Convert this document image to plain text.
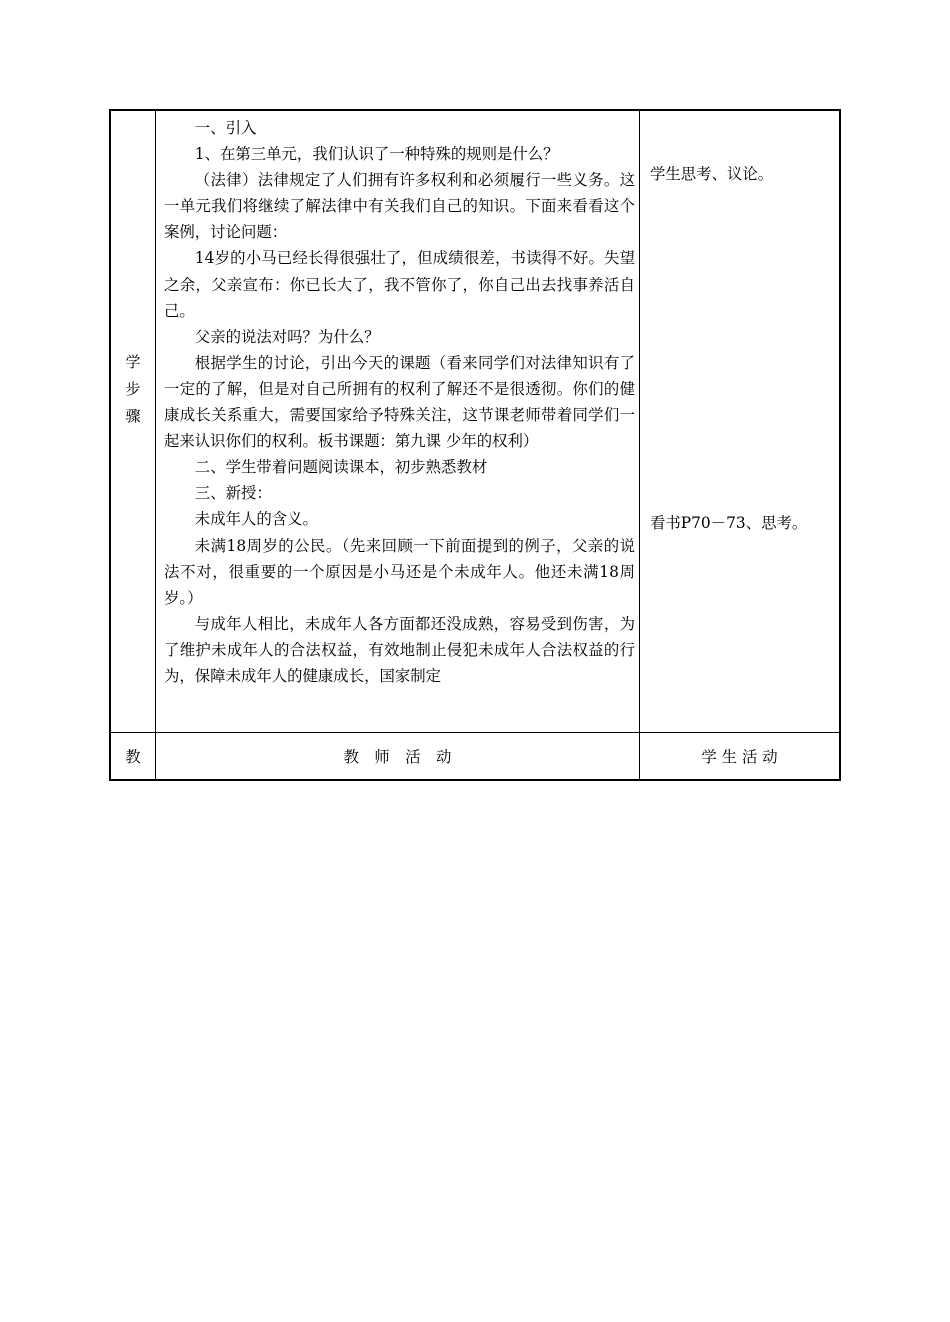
学
步
骤

一、引入

1、在第三单元，我们认识了一种特殊的规则是什么？

（法律）法律规定了人们拥有许多权利和必须履行一些义务。这一单元我们将继续了解法律中有关我们自己的知识。下面来看看这个案例，讨论问题：

14岁的小马已经长得很强壮了，但成绩很差，书读得不好。失望之余，父亲宣布：你已长大了，我不管你了，你自己出去找事养活自己。

父亲的说法对吗？为什么？

根据学生的讨论，引出今天的课题（看来同学们对法律知识有了一定的了解，但是对自己所拥有的权利了解还不是很透彻。你们的健康成长关系重大，需要国家给予特殊关注，这节课老师带着同学们一起来认识你们的权利。板书课题：第九课 少年的权利）

二、学生带着问题阅读课本，初步熟悉教材

三、新授：

未成年人的含义。

未满18周岁的公民。（先来回顾一下前面提到的例子，父亲的说法不对，很重要的一个原因是小马还是个未成年人。他还未满18周岁。）

与成年人相比，未成年人各方面都还没成熟，容易受到伤害，为了维护未成年人的合法权益，有效地制止侵犯未成年人合法权益的行为，保障未成年人的健康成长，国家制定

学生思考、议论。
看书P70－73、思考。
教	教　师　活　动	学 生 活 动
